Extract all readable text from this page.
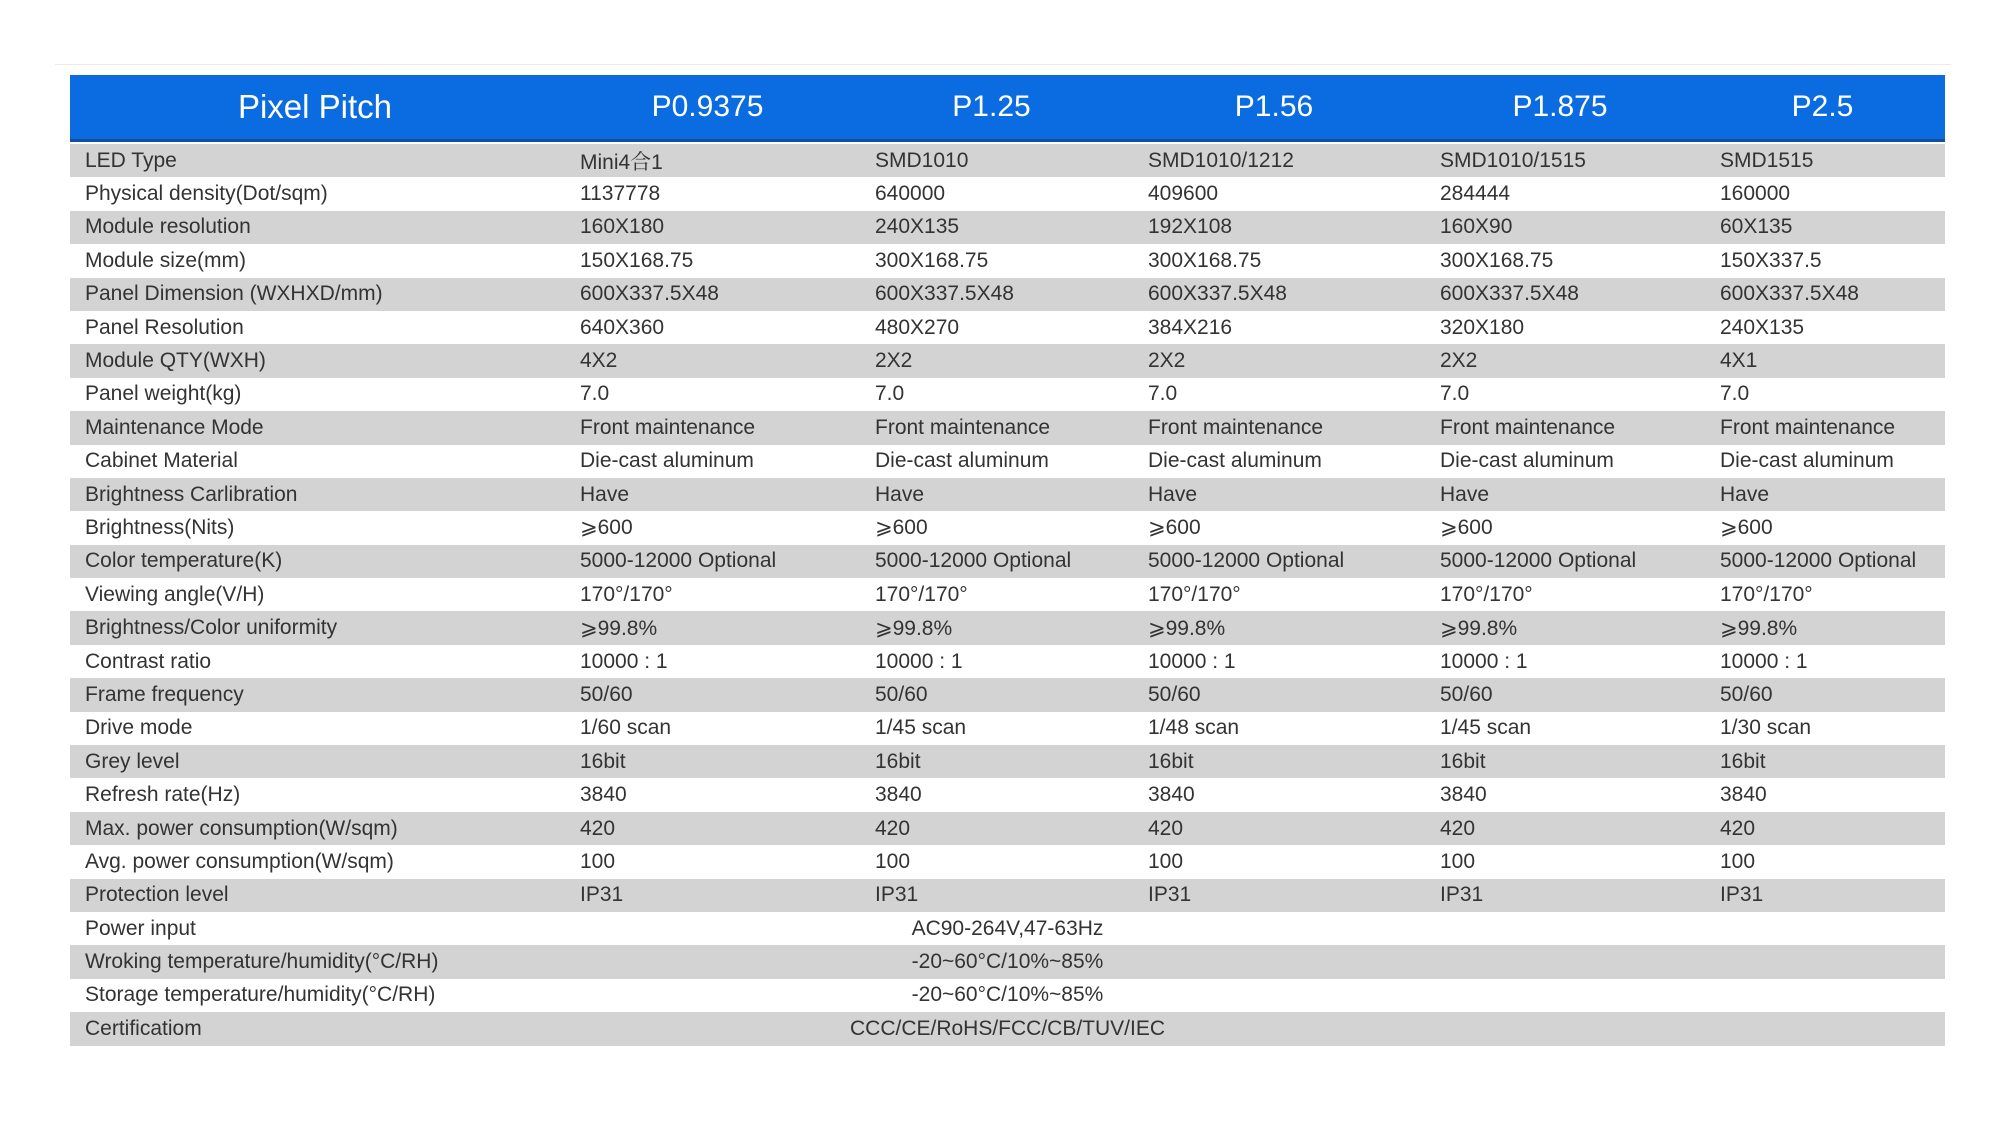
Pixel Pitch	P0.9375	P1.25	P1.56	P1.875	P2.5
LED Type	Mini4合1	SMD1010	SMD1010/1212	SMD1010/1515	SMD1515
Physical density(Dot/sqm)	1137778	640000	409600	284444	160000
Module resolution	160X180	240X135	192X108	160X90	60X135
Module size(mm)	150X168.75	300X168.75	300X168.75	300X168.75	150X337.5
Panel Dimension (WXHXD/mm)	600X337.5X48	600X337.5X48	600X337.5X48	600X337.5X48	600X337.5X48
Panel Resolution	640X360	480X270	384X216	320X180	240X135
Module QTY(WXH)	4X2	2X2	2X2	2X2	4X1
Panel weight(kg)	7.0	7.0	7.0	7.0	7.0
Maintenance Mode	Front maintenance	Front maintenance	Front maintenance	Front maintenance	Front maintenance
Cabinet Material	Die-cast aluminum	Die-cast aluminum	Die-cast aluminum	Die-cast aluminum	Die-cast aluminum
Brightness Carlibration	Have	Have	Have	Have	Have
Brightness(Nits)	⩾600	⩾600	⩾600	⩾600	⩾600
Color temperature(K)	5000-12000 Optional	5000-12000 Optional	5000-12000 Optional	5000-12000 Optional	5000-12000 Optional
Viewing angle(V/H)	170°/170°	170°/170°	170°/170°	170°/170°	170°/170°
Brightness/Color uniformity	⩾99.8%	⩾99.8%	⩾99.8%	⩾99.8%	⩾99.8%
Contrast ratio	10000 : 1	10000 : 1	10000 : 1	10000 : 1	10000 : 1
Frame frequency	50/60	50/60	50/60	50/60	50/60
Drive mode	1/60 scan	1/45 scan	1/48 scan	1/45 scan	1/30 scan
Grey level	16bit	16bit	16bit	16bit	16bit
Refresh rate(Hz)	3840	3840	3840	3840	3840
Max. power consumption(W/sqm)	420	420	420	420	420
Avg. power consumption(W/sqm)	100	100	100	100	100
Protection level	IP31	IP31	IP31	IP31	IP31
Power input	AC90-264V,47-63Hz
Wroking temperature/humidity(°C/RH)	-20~60°C/10%~85%
Storage temperature/humidity(°C/RH)	-20~60°C/10%~85%
Certificatiom	CCC/CE/RoHS/FCC/CB/TUV/IEC
